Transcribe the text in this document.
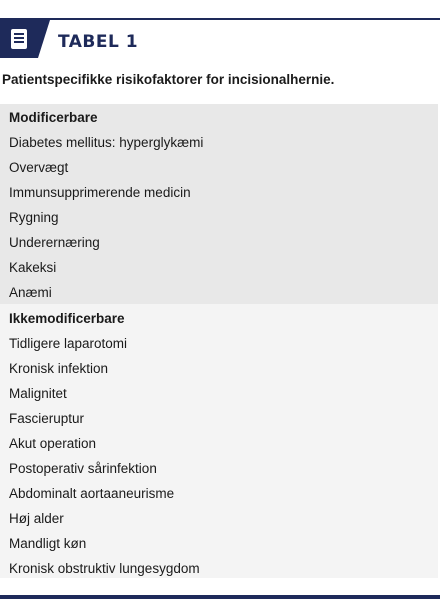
TABEL 1
Patientspecifikke risikofaktorer for incisionalhernie.
Modificerbare
Diabetes mellitus: hyperglykæmi
Overvægt
Immunsupprimerende medicin
Rygning
Underernæring
Kakeksi
Anæmi
Ikkemodificerbare
Tidligere laparotomi
Kronisk infektion
Malignitet
Fascieruptur
Akut operation
Postoperativ sårinfektion
Abdominalt aortaaneurisme
Høj alder
Mandligt køn
Kronisk obstruktiv lungesygdom
